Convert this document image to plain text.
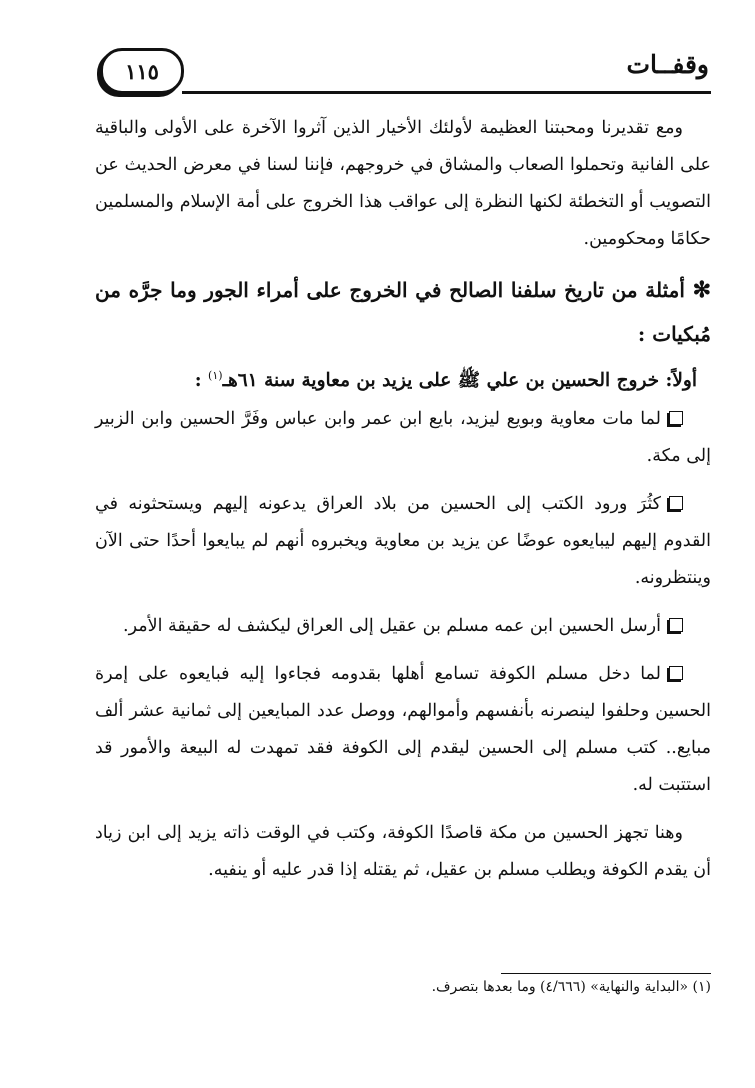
١١٥	وقفــات

ومع تقديرنا ومحبتنا العظيمة لأولئك الأخيار الذين آثروا الآخرة على الأولى والباقية على الفانية وتحملوا الصعاب والمشاق في خروجهم، فإننا لسنا في معرض الحديث عن التصويب أو التخطئة لكنها النظرة إلى عواقب هذا الخروج على أمة الإسلام والمسلمين حكامًا ومحكومين.

✻ أمثلة من تاريخ سلفنا الصالح في الخروج على أمراء الجور وما جرَّه من مُبكيات :

أولاً: خروج الحسين بن علي ﷺ على يزيد بن معاوية سنة ٦١هـ$^{(١)}$ :

لما مات معاوية وبويع ليزيد، بايع ابن عمر وابن عباس وفَرَّ الحسين وابن الزبير إلى مكة.

كثُرَ ورود الكتب إلى الحسين من بلاد العراق يدعونه إليهم ويستحثونه في القدوم إليهم ليبايعوه عوضًا عن يزيد بن معاوية ويخبروه أنهم لم يبايعوا أحدًا حتى الآن وينتظرونه.

أرسل الحسين ابن عمه مسلم بن عقيل إلى العراق ليكشف له حقيقة الأمر.

لما دخل مسلم الكوفة تسامع أهلها بقدومه فجاءوا إليه فبايعوه على إمرة الحسين وحلفوا لينصرنه بأنفسهم وأموالهم، ووصل عدد المبايعين إلى ثمانية عشر ألف مبايع.. كتب مسلم إلى الحسين ليقدم إلى الكوفة فقد تمهدت له البيعة والأمور قد استتبت له.

وهنا تجهز الحسين من مكة قاصدًا الكوفة، وكتب في الوقت ذاته يزيد إلى ابن زياد أن يقدم الكوفة ويطلب مسلم بن عقيل، ثم يقتله إذا قدر عليه أو ينفيه.

(١) «البداية والنهاية» (٤/٦٦٦) وما بعدها بتصرف.
